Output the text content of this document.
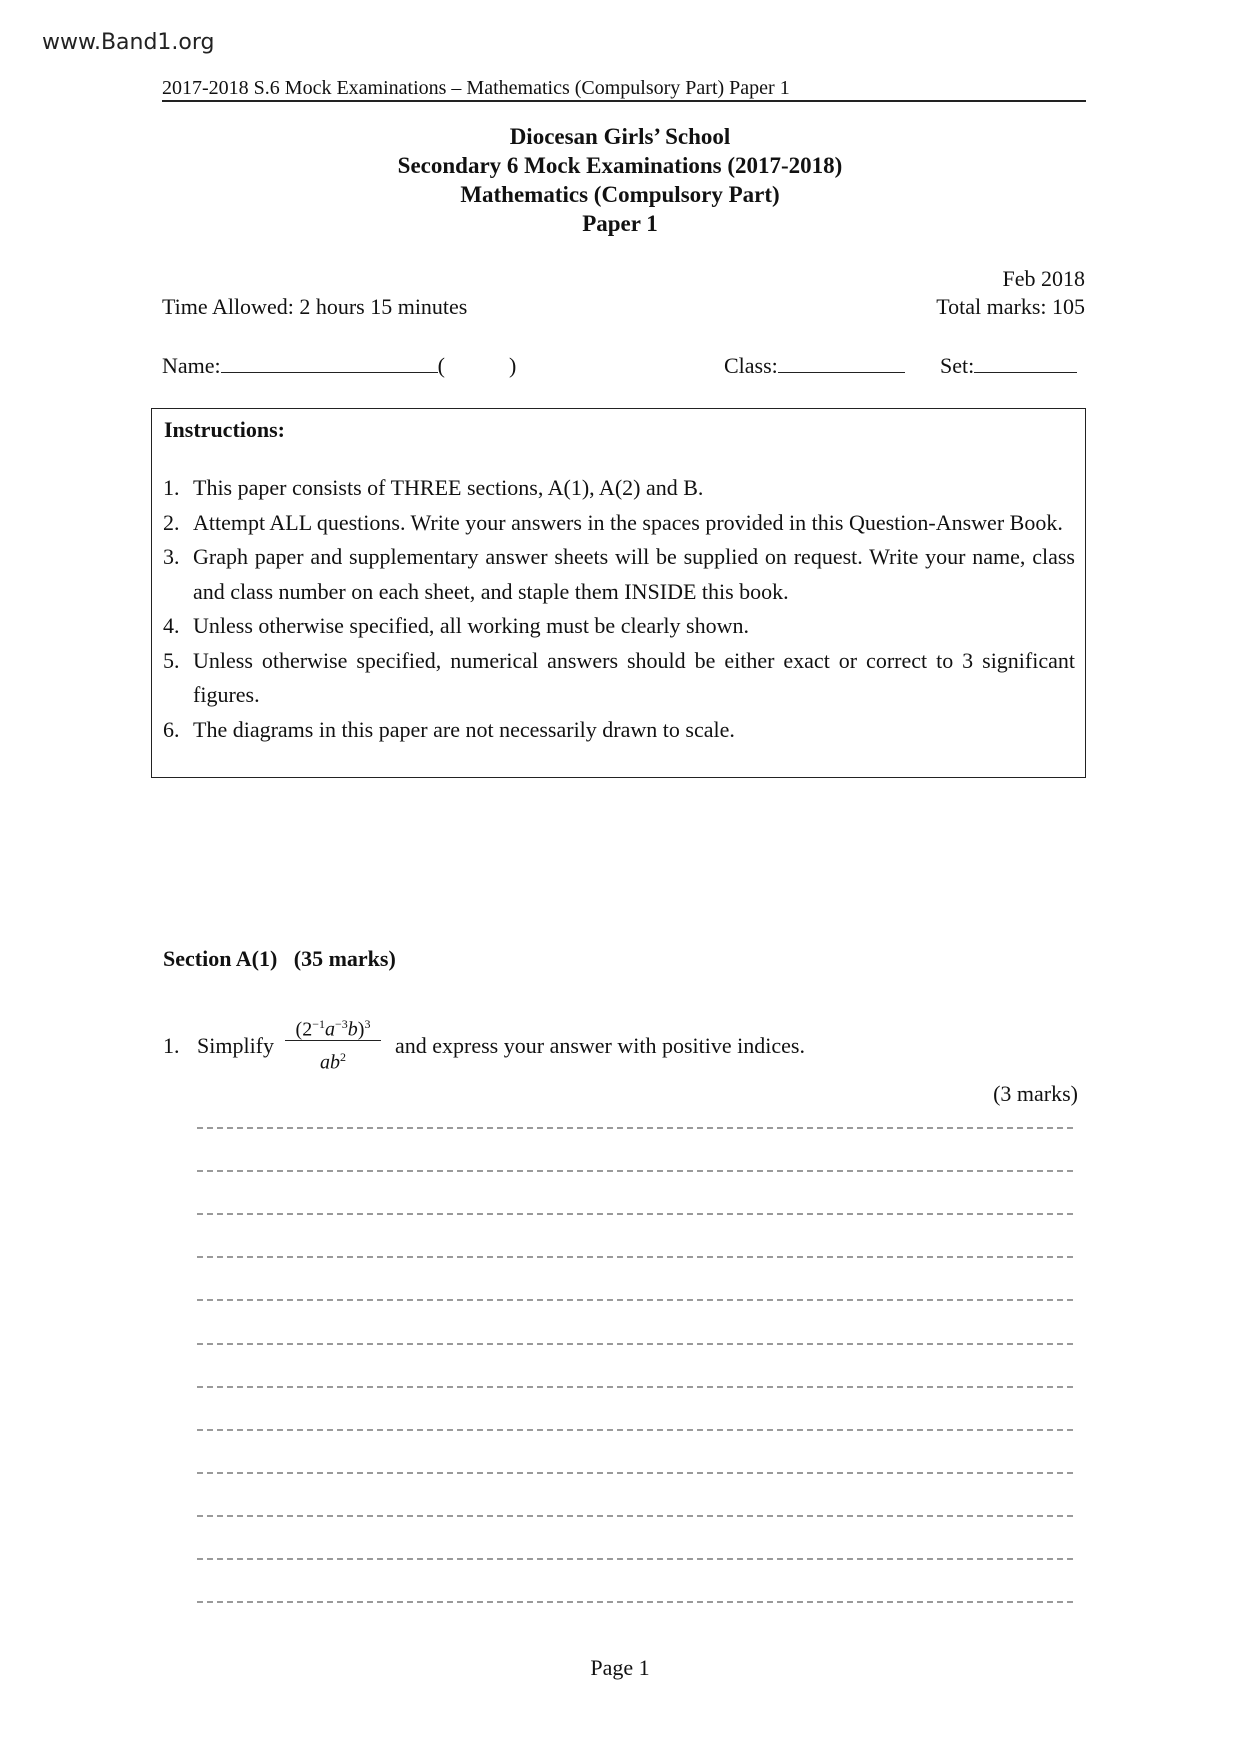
www.Band1.org
2017-2018 S.6 Mock Examinations – Mathematics (Compulsory Part) Paper 1
Diocesan Girls’ School
Secondary 6 Mock Examinations (2017-2018)
Mathematics (Compulsory Part)
Paper 1
Feb 2018
Time Allowed: 2 hours 15 minutes	Total marks: 105
Name:	(	)	Class:	Set:
Instructions:
1. This paper consists of THREE sections, A(1), A(2) and B.
2. Attempt ALL questions. Write your answers in the spaces provided in this Question-Answer Book.
3. Graph paper and supplementary answer sheets will be supplied on request. Write your name, class and class number on each sheet, and staple them INSIDE this book.
4. Unless otherwise specified, all working must be clearly shown.
5. Unless otherwise specified, numerical answers should be either exact or correct to 3 significant figures.
6. The diagrams in this paper are not necessarily drawn to scale.
Section A(1)   (35 marks)
1. Simplify
$(2^{-1}a^{-3}b)^3$
$ab^2$	and express your answer with positive indices.
(3 marks)
Page 1
